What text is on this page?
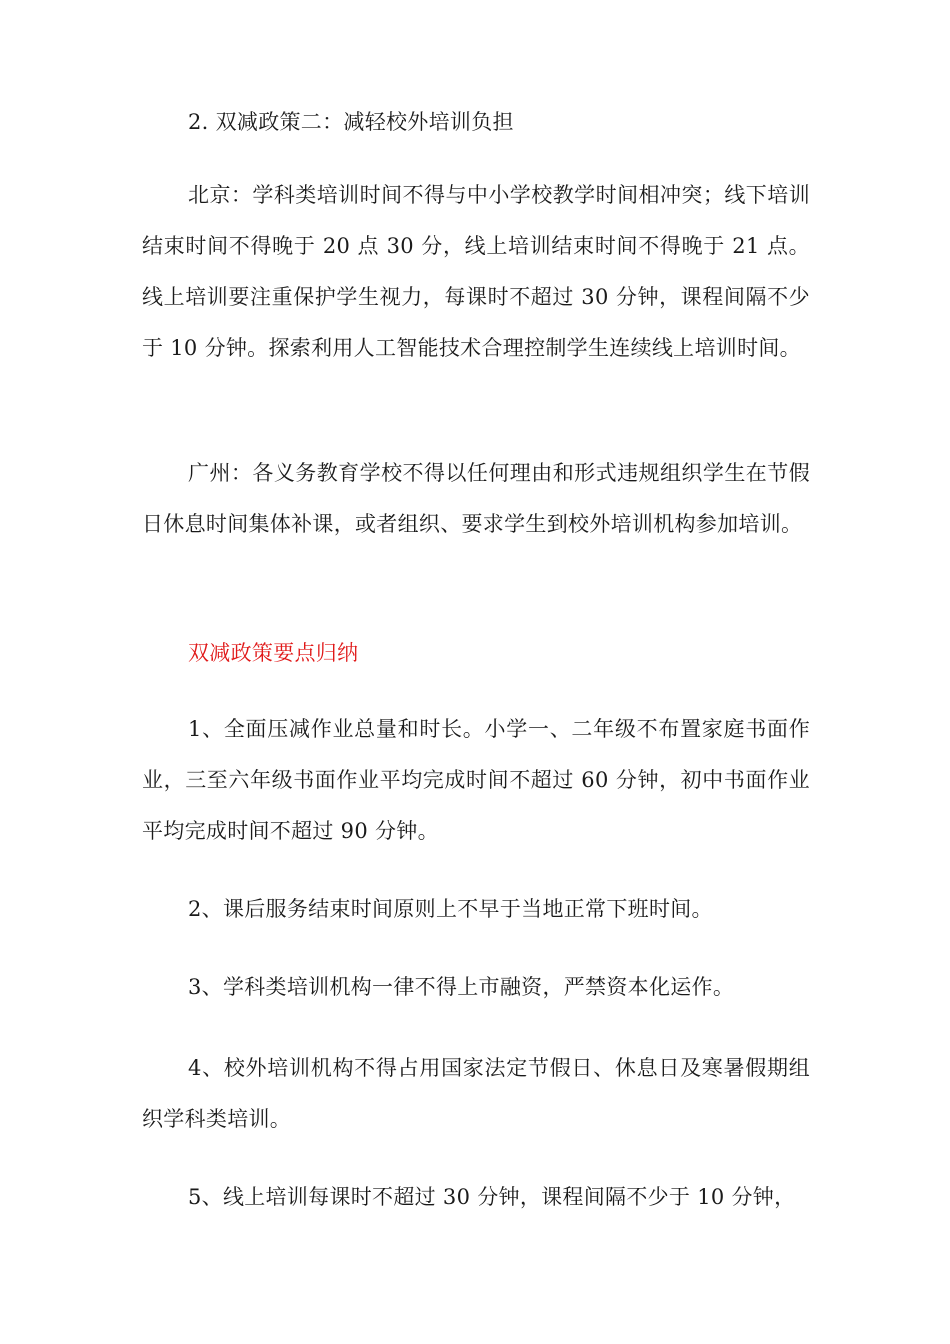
2. 双减政策二：减轻校外培训负担

北京：学科类培训时间不得与中小学校教学时间相冲突；线下培训结束时间不得晚于 20 点 30 分，线上培训结束时间不得晚于 21 点。线上培训要注重保护学生视力，每课时不超过 30 分钟，课程间隔不少于 10 分钟。探索利用人工智能技术合理控制学生连续线上培训时间。

广州：各义务教育学校不得以任何理由和形式违规组织学生在节假日休息时间集体补课，或者组织、要求学生到校外培训机构参加培训。

双减政策要点归纳

1、全面压减作业总量和时长。小学一、二年级不布置家庭书面作业，三至六年级书面作业平均完成时间不超过 60 分钟，初中书面作业平均完成时间不超过 90 分钟。

2、课后服务结束时间原则上不早于当地正常下班时间。

3、学科类培训机构一律不得上市融资，严禁资本化运作。

4、校外培训机构不得占用国家法定节假日、休息日及寒暑假期组织学科类培训。

5、线上培训每课时不超过 30 分钟，课程间隔不少于 10 分钟，
